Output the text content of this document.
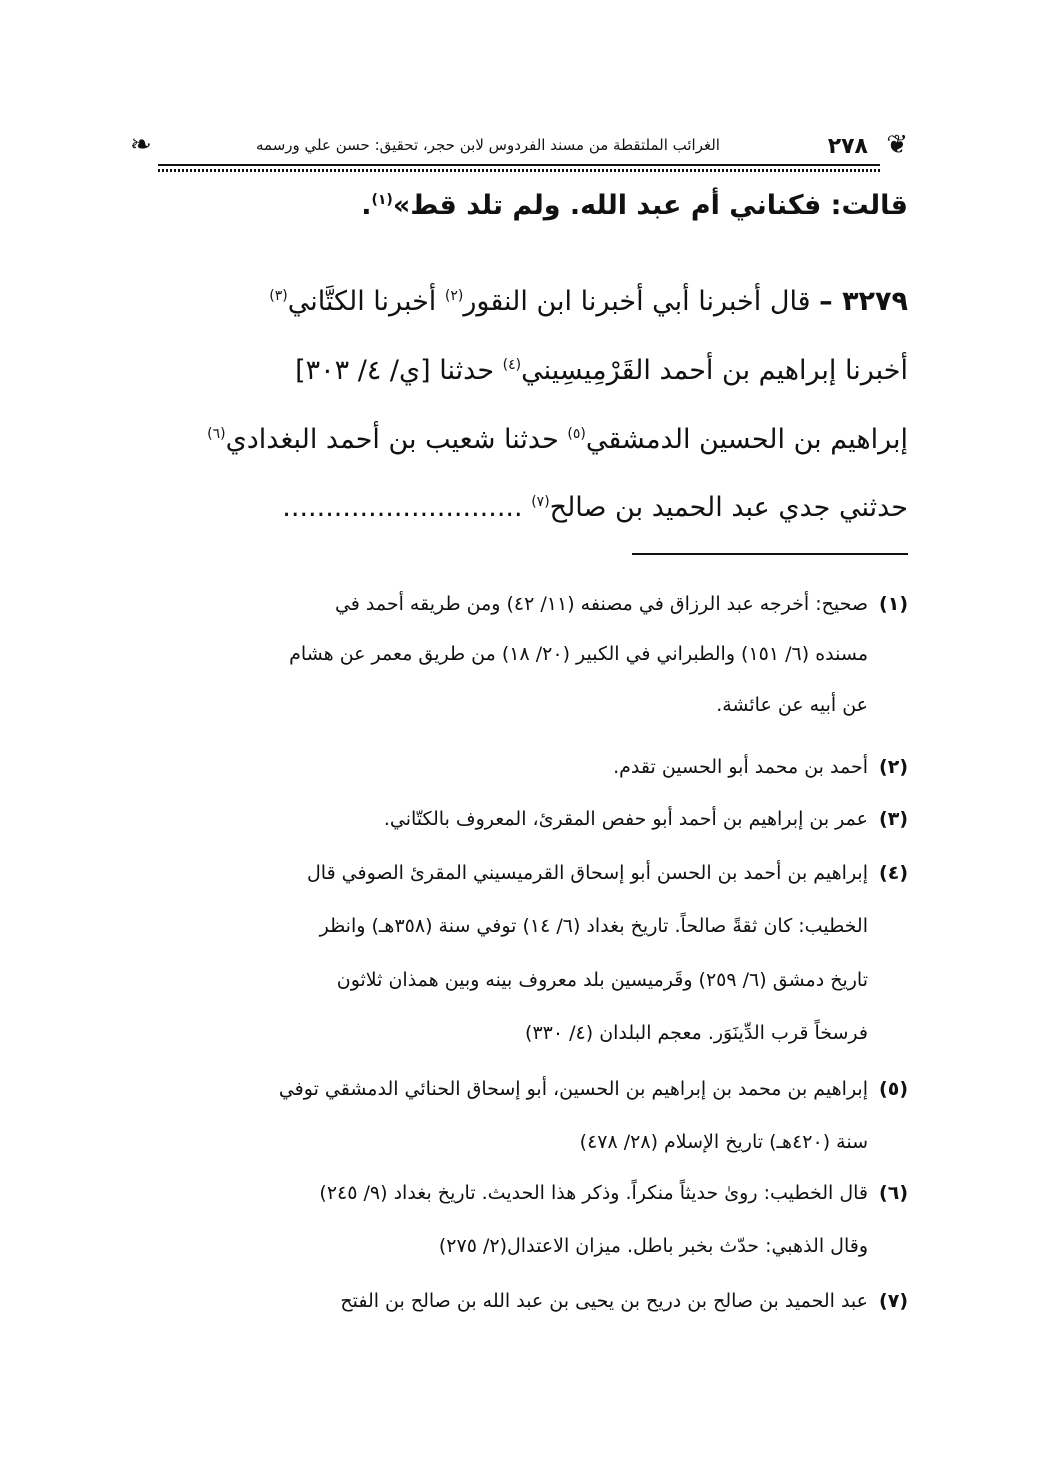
❦
٢٧٨
الغرائب الملتقطة من مسند الفردوس لابن حجر، تحقيق: حسن علي ورسمه
❧
قالت: فكناني أم عبد الله. ولم تلد قط»$^{(١)}$.
٣٢٧٩ – قال أخبرنا أبي أخبرنا ابن النقور$^{(٢)}$ أخبرنا الكتَّاني$^{(٣)}$
أخبرنا إبراهيم بن أحمد القَرْمِيسِيني$^{(٤)}$ حدثنا [ي/ ٤/ ٣٠٣]
إبراهيم بن الحسين الدمشقي$^{(٥)}$ حدثنا شعيب بن أحمد البغدادي$^{(٦)}$
حدثني جدي عبد الحميد بن صالح$^{(٧)}$ ............................
(١)
صحيح: أخرجه عبد الرزاق في مصنفه (١١/ ٤٢) ومن طريقه أحمد في
مسنده (٦/ ١٥١) والطبراني في الكبير (٢٠/ ١٨) من طريق معمر عن هشام
عن أبيه عن عائشة.
(٢)
أحمد بن محمد أبو الحسين تقدم.
(٣)
عمر بن إبراهيم بن أحمد أبو حفص المقرئ، المعروف بالكتّاني.
(٤)
إبراهيم بن أحمد بن الحسن أبو إسحاق القرميسيني المقرئ الصوفي قال
الخطيب: كان ثقةً صالحاً. تاريخ بغداد (٦/ ١٤) توفي سنة (٣٥٨هـ) وانظر
تاريخ دمشق (٦/ ٢٥٩) وقَرميسين بلد معروف بينه وبين همذان ثلاثون
فرسخاً قرب الدِّينَوَر. معجم البلدان (٤/ ٣٣٠)
(٥)
إبراهيم بن محمد بن إبراهيم بن الحسين، أبو إسحاق الحنائي الدمشقي توفي
سنة (٤٢٠هـ) تاريخ الإسلام (٢٨/ ٤٧٨)
(٦)
قال الخطيب: روىٰ حديثاً منكراً. وذكر هذا الحديث. تاريخ بغداد (٩/ ٢٤٥)
وقال الذهبي: حدّث بخبر باطل. ميزان الاعتدال(٢/ ٢٧٥)
(٧)
عبد الحميد بن صالح بن دريح بن يحيى بن عبد الله بن صالح بن الفتح
